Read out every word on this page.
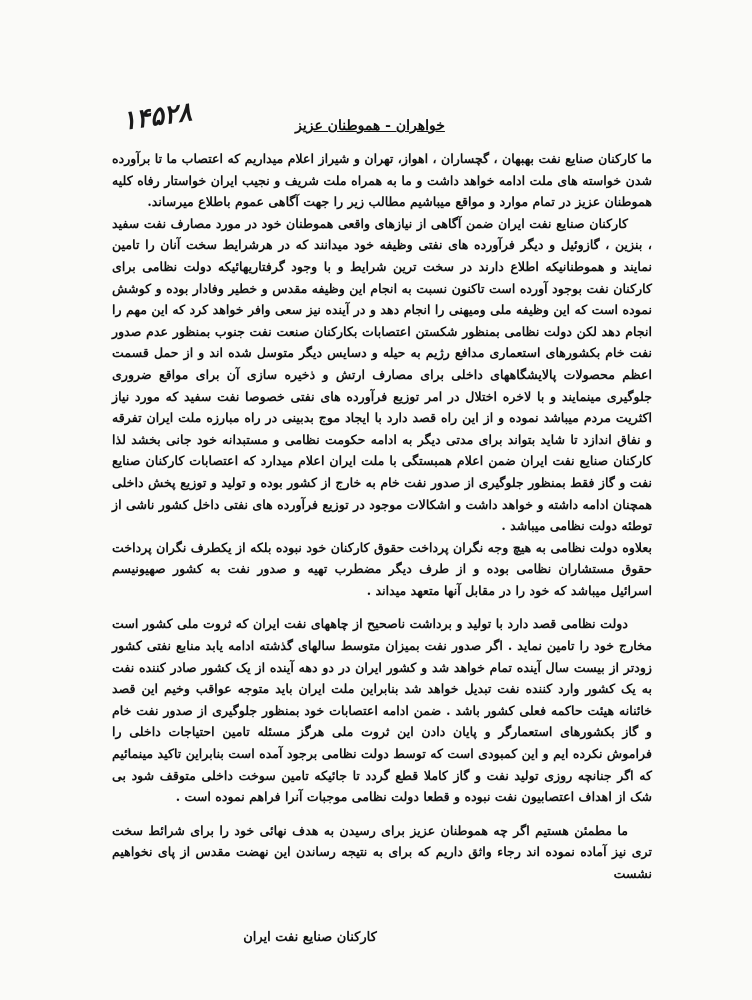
۱۴۵۲۸	خواهران - هموطنان عزیز

ما کارکنان صنایع نفت بهبهان ، گچساران ، اهواز، تهران و شیراز اعلام میداریم که اعتصاب ما تا برآورده شدن خواسته های ملت ادامه خواهد داشت و ما به همراه ملت شریف و نجیب ایران خواستار رفاه کلیه هموطنان عزیز در تمام موارد و مواقع میباشیم مطالب زیر را جهت آگاهی عموم باطلاع میرساند.

کارکنان صنایع نفت ایران ضمن آگاهی از نیازهای واقعی هموطنان خود در مورد مصارف نفت سفید ، بنزین ، گازوئیل و دیگر فرآورده های نفتی وظیفه خود میدانند که در هرشرایط سخت آنان را تامین نمایند و هموطنانیکه اطلاع دارند در سخت ترین شرایط و با وجود گرفتاریهائیکه دولت نظامی برای کارکنان نفت بوجود آورده است تاکنون نسبت به انجام این وظیفه مقدس و خطیر وفادار بوده و کوشش نموده است که این وظیفه ملی ومیهنی را انجام دهد و در آینده نیز سعی وافر خواهد کرد که این مهم را انجام دهد لکن دولت نظامی بمنظور شکستن اعتصابات بکارکنان صنعت نفت جنوب بمنظور عدم صدور نفت خام بکشورهای استعماری مدافع رژیم به حیله و دسایس دیگر متوسل شده اند و از حمل قسمت اعظم محصولات پالایشگاههای داخلی برای مصارف ارتش و ذخیره سازی آن برای مواقع ضروری جلوگیری مینمایند و با لاخره اختلال در امر توزیع فرآورده های نفتی خصوصا نفت سفید که مورد نیاز اکثریت مردم میباشد نموده و از این راه قصد دارد با ایجاد موج بدبینی در راه مبارزه ملت ایران تفرقه و نفاق اندازد تا شاید بتواند برای مدتی دیگر به ادامه حکومت نظامی و مستبدانه خود جانی بخشد لذا کارکنان صنایع نفت ایران ضمن اعلام همبستگی با ملت ایران اعلام میدارد که اعتصابات کارکنان صنایع نفت و گاز فقط بمنظور جلوگیری از صدور نفت خام به خارج از کشور بوده و تولید و توزیع پخش داخلی همچنان ادامه داشته و خواهد داشت و اشکالات موجود در توزیع فرآورده های نفتی داخل کشور ناشی از توطئه دولت نظامی میباشد .

بعلاوه دولت نظامی به هیچ وجه نگران پرداخت حقوق کارکنان خود نبوده بلکه از یکطرف نگران پرداخت حقوق مستشاران نظامی بوده و از طرف دیگر مضطرب تهیه و صدور نفت به کشور صهیونیسم اسرائیل میباشد که خود را در مقابل آنها متعهد میداند .

دولت نظامی قصد دارد با تولید و برداشت ناصحیح از چاههای نفت ایران که ثروت ملی کشور است مخارج خود را تامین نماید . اگر صدور نفت بمیزان متوسط سالهای گذشته ادامه یابد منابع نفتی کشور زودتر از بیست سال آینده تمام خواهد شد و کشور ایران در دو دهه آینده از یک کشور صادر کننده نفت به یک کشور وارد کننده نفت تبدیل خواهد شد بنابراین ملت ایران باید متوجه عواقب وخیم این قصد خائنانه هیئت حاکمه فعلی کشور باشد . ضمن ادامه اعتصابات خود بمنظور جلوگیری از صدور نفت خام و گاز بکشورهای استعمارگر و پایان دادن این ثروت ملی هرگز مسئله تامین احتیاجات داخلی را فراموش نکرده ایم و این کمبودی است که توسط دولت نظامی برجود آمده است بنابراین تاکید مینمائیم که اگر جنانچه روزی تولید نفت و گاز کاملا قطع گردد تا جائیکه تامین سوخت داخلی متوقف شود بی شک از اهداف اعتصابیون نفت نبوده و قطعا دولت نظامی موجبات آنرا فراهم نموده است .

ما مطمئن هستیم اگر چه هموطنان عزیز برای رسیدن به هدف نهائی خود را برای شرائط سخت تری نیز آماده نموده اند رجاء واثق داریم که برای به نتیجه رساندن این نهضت مقدس از پای نخواهیم نشست

کارکنان صنایع نفت ایران
